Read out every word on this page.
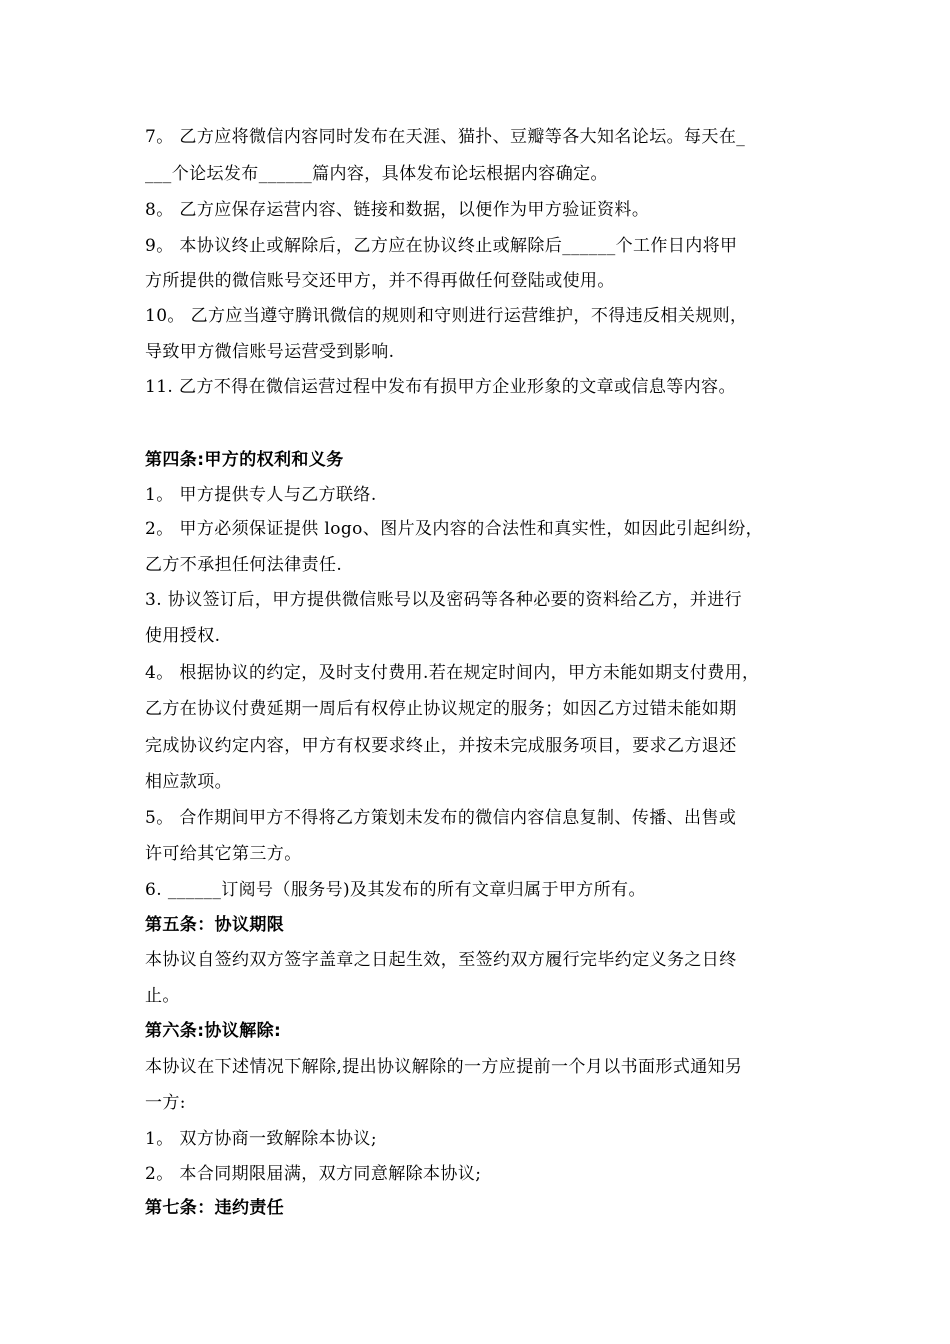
7。 乙方应将微信内容同时发布在天涯、猫扑、豆瓣等各大知名论坛。每天在_
___个论坛发布______篇内容，具体发布论坛根据内容确定。
8。 乙方应保存运营内容、链接和数据，以便作为甲方验证资料。
9。 本协议终止或解除后，乙方应在协议终止或解除后______个工作日内将甲
方所提供的微信账号交还甲方，并不得再做任何登陆或使用。
10。 乙方应当遵守腾讯微信的规则和守则进行运营维护，不得违反相关规则，
导致甲方微信账号运营受到影响.
11. 乙方不得在微信运营过程中发布有损甲方企业形象的文章或信息等内容。
第四条:甲方的权利和义务
1。 甲方提供专人与乙方联络.
2。 甲方必须保证提供 logo、图片及内容的合法性和真实性，如因此引起纠纷，
乙方不承担任何法律责任.
3. 协议签订后，甲方提供微信账号以及密码等各种必要的资料给乙方，并进行
使用授权.
4。 根据协议的约定，及时支付费用.若在规定时间内，甲方未能如期支付费用，
乙方在协议付费延期一周后有权停止协议规定的服务；如因乙方过错未能如期
完成协议约定内容，甲方有权要求终止，并按未完成服务项目，要求乙方退还
相应款项。
5。 合作期间甲方不得将乙方策划未发布的微信内容信息复制、传播、出售或
许可给其它第三方。
6. ______订阅号（服务号)及其发布的所有文章归属于甲方所有。
第五条：协议期限
本协议自签约双方签字盖章之日起生效，至签约双方履行完毕约定义务之日终
止。
第六条:协议解除:
本协议在下述情况下解除,提出协议解除的一方应提前一个月以书面形式通知另
一方:
1。 双方协商一致解除本协议;
2。 本合同期限届满，双方同意解除本协议;
第七条：违约责任
